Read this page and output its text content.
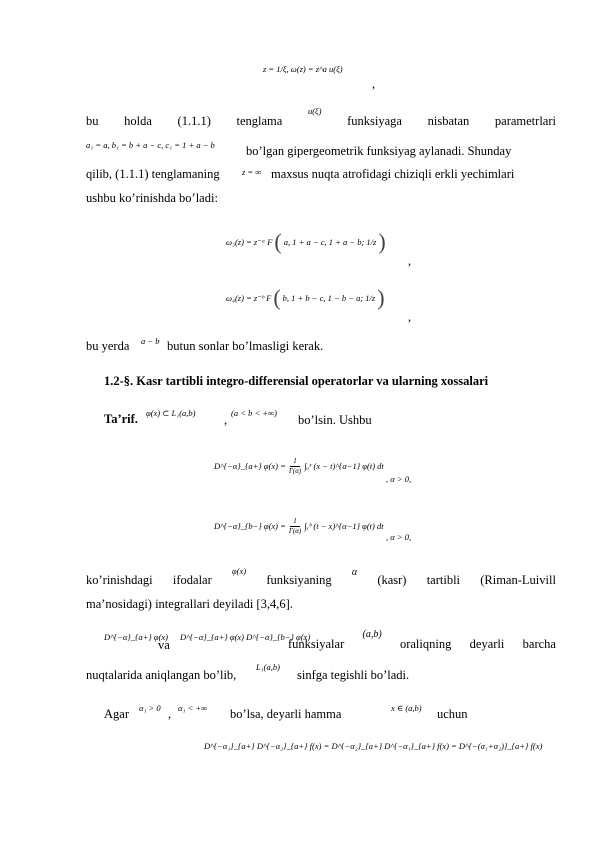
z = 1/ξ, ω(z) = z^a u(ξ)
,
bu holda (1.1.1) tenglama
u(ξ)
funksiyaga nisbatan parametrlari
a₁ = a, b₁ = b + a − c, c₁ = 1 + a − b bo’lgan gipergeometrik funksiyag aylanadi. Shunday
qilib, (1.1.1) tenglamaning	z = ∞ maxsus nuqta atrofidagi chiziqli erkli yechimlari
ushbu ko’rinishda bo’ladi:
ω₃(z) = z⁻ᵃ F ( a, 1 + a − c, 1 + a − b; 1/z )
,
ω₄(z) = z⁻ᵇ F ( b, 1 + b − c, 1 − b − a; 1/z )
,
bu yerda a − b butun sonlar bo’lmasligi kerak.
1.2-§. Kasr tartibli integro-differensial operatorlar va ularning xossalari
Ta’rif. φ(x) ⊂ L₁(a,b) , (a < b < +∞) bo’lsin. Ushbu
D^{−α}_{a+} $\varphi(x) = \frac{1}{\Gamma(\alpha)}$ ∫ₐˣ (x − t)^{α−1} φ(t) dt
, α > 0,
D^{−α}_{b−} $\varphi(x) = \frac{1}{\Gamma(\alpha)}$ ∫ₓᵇ (t − x)^{α−1} φ(t) dt
, α > 0,
ko’rinishdagi ifodalar
φ(x)
funksiyaning
α
(kasr) tartibli (Riman-Luivill
ma’nosidagi) integrallari deyiladi [3,4,6].
D^{−α}_{a+} φ(x)
va
D^{−α}_{a+} φ(x) D^{−α}_{b−} φ(x)
funksiyalar
(a,b)
oraliqning deyarli barcha
nuqtalarida aniqlangan bo’lib,
L₁(a,b)
sinfga tegishli bo’ladi.
Agar α₁ > 0 , α₁ < +∞ bo’lsa, deyarli hamma	x ∈ (a,b) uchun
D^{−α₁}_{a+} D^{−α₂}_{a+} f(x) = D^{−α₂}_{a+} D^{−α₁}_{a+} f(x) = D^{−(α₁+α₂)}_{a+} f(x)
